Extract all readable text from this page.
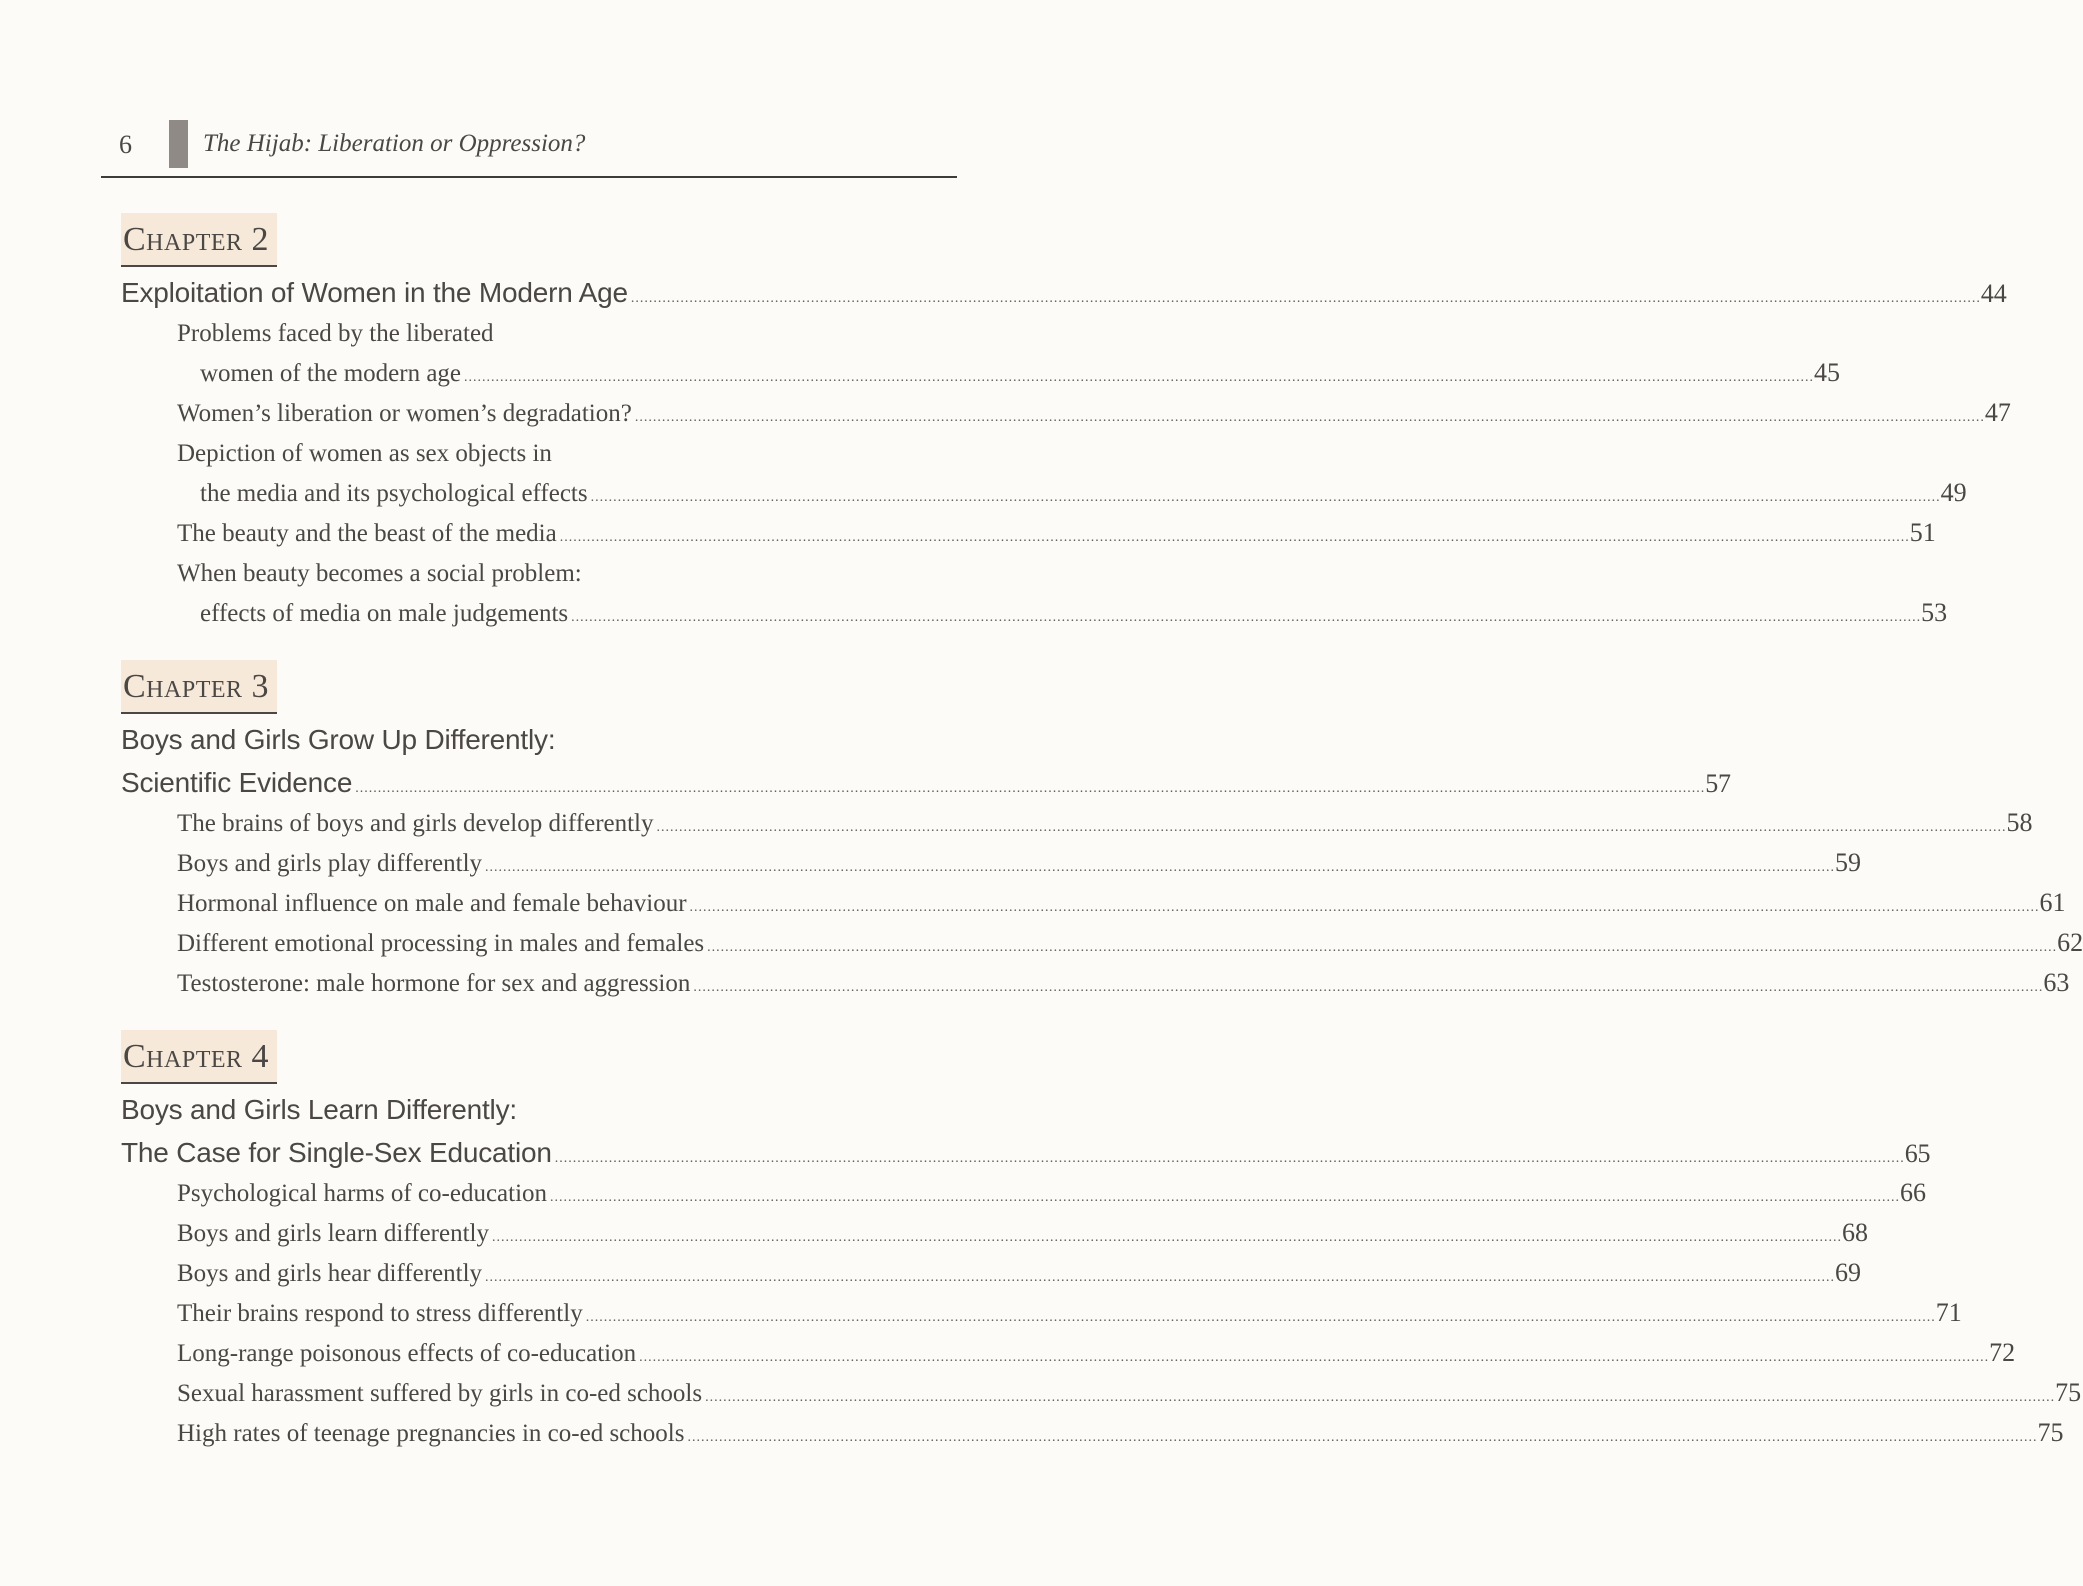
6	The Hijab: Liberation or Oppression?
Chapter 2
Exploitation of Women in the Modern Age ............................................................................................................................................................................................................................................................................................................ 44
Problems faced by the liberated
women of the modern age ............................................................................................................................................................................................................................................................................................................ 45
Women’s liberation or women’s degradation? ............................................................................................................................................................................................................................................................................................................ 47
Depiction of women as sex objects in
the media and its psychological effects ............................................................................................................................................................................................................................................................................................................ 49
The beauty and the beast of the media ............................................................................................................................................................................................................................................................................................................ 51
When beauty becomes a social problem:
effects of media on male judgements ............................................................................................................................................................................................................................................................................................................ 53
Chapter 3
Boys and Girls Grow Up Differently:
Scientific Evidence ............................................................................................................................................................................................................................................................................................................ 57
The brains of boys and girls develop differently ............................................................................................................................................................................................................................................................................................................ 58
Boys and girls play differently ............................................................................................................................................................................................................................................................................................................ 59
Hormonal influence on male and female behaviour ............................................................................................................................................................................................................................................................................................................ 61
Different emotional processing in males and females ............................................................................................................................................................................................................................................................................................................ 62
Testosterone: male hormone for sex and aggression ............................................................................................................................................................................................................................................................................................................ 63
Chapter 4
Boys and Girls Learn Differently:
The Case for Single-Sex Education ............................................................................................................................................................................................................................................................................................................ 65
Psychological harms of co-education ............................................................................................................................................................................................................................................................................................................ 66
Boys and girls learn differently ............................................................................................................................................................................................................................................................................................................ 68
Boys and girls hear differently ............................................................................................................................................................................................................................................................................................................ 69
Their brains respond to stress differently ............................................................................................................................................................................................................................................................................................................ 71
Long-range poisonous effects of co-education ............................................................................................................................................................................................................................................................................................................ 72
Sexual harassment suffered by girls in co-ed schools ............................................................................................................................................................................................................................................................................................................ 75
High rates of teenage pregnancies in co-ed schools ............................................................................................................................................................................................................................................................................................................ 75
